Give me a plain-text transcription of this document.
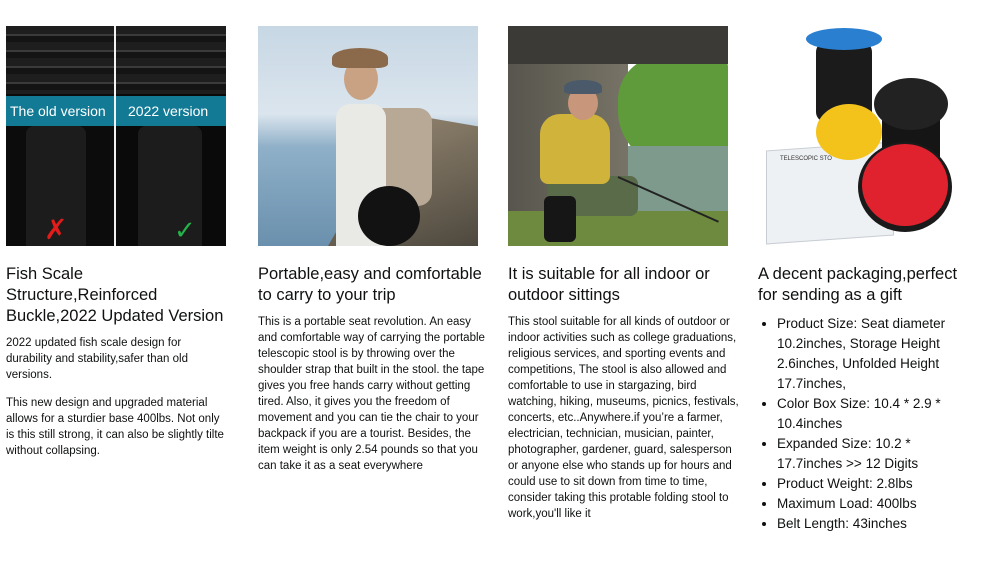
The old version	2022 version
✗	✓
Fish Scale Structure,Reinforced Buckle,2022 Updated Version

2022 updated fish scale design for durability and stability,safer than old versions.

This new design and upgraded material allows for a sturdier base 400lbs. Not only is this still strong, it can also be slightly tilte without collapsing.

Portable,easy and comfortable to carry to your trip

This is a portable seat revolution. An easy and comfortable way of carrying the portable telescopic stool is by throwing over the shoulder strap that built in the stool. the tape gives you free hands carry without getting tired. Also, it gives you the freedom of movement and you can tie the chair to your backpack if you are a tourist. Besides, the item weight is only 2.54 pounds so that you can take it as a seat everywhere

It is suitable for all indoor or outdoor sittings

This stool suitable for all kinds of outdoor or indoor activities such as college graduations, religious services, and sporting events and competitions, The stool is also allowed and comfortable to use in stargazing, bird watching, hiking, museums, picnics, festivals, concerts, etc..Anywhere.if you’re a farmer, electrician, technician, musician, painter, photographer, gardener, guard, salesperson or anyone else who stands up for hours and could use to sit down from time to time, consider taking this protable folding stool to work,you'll like it

TELESCOPIC STO
A decent packaging,perfect for sending as a gift
• Product Size: Seat diameter 10.2inches, Storage Height 2.6inches, Unfolded Height 17.7inches,
• Color Box Size: 10.4 * 2.9 * 10.4inches
• Expanded Size: 10.2 * 17.7inches >> 12 Digits
• Product Weight: 2.8lbs
• Maximum Load: 400lbs
• Belt Length: 43inches
